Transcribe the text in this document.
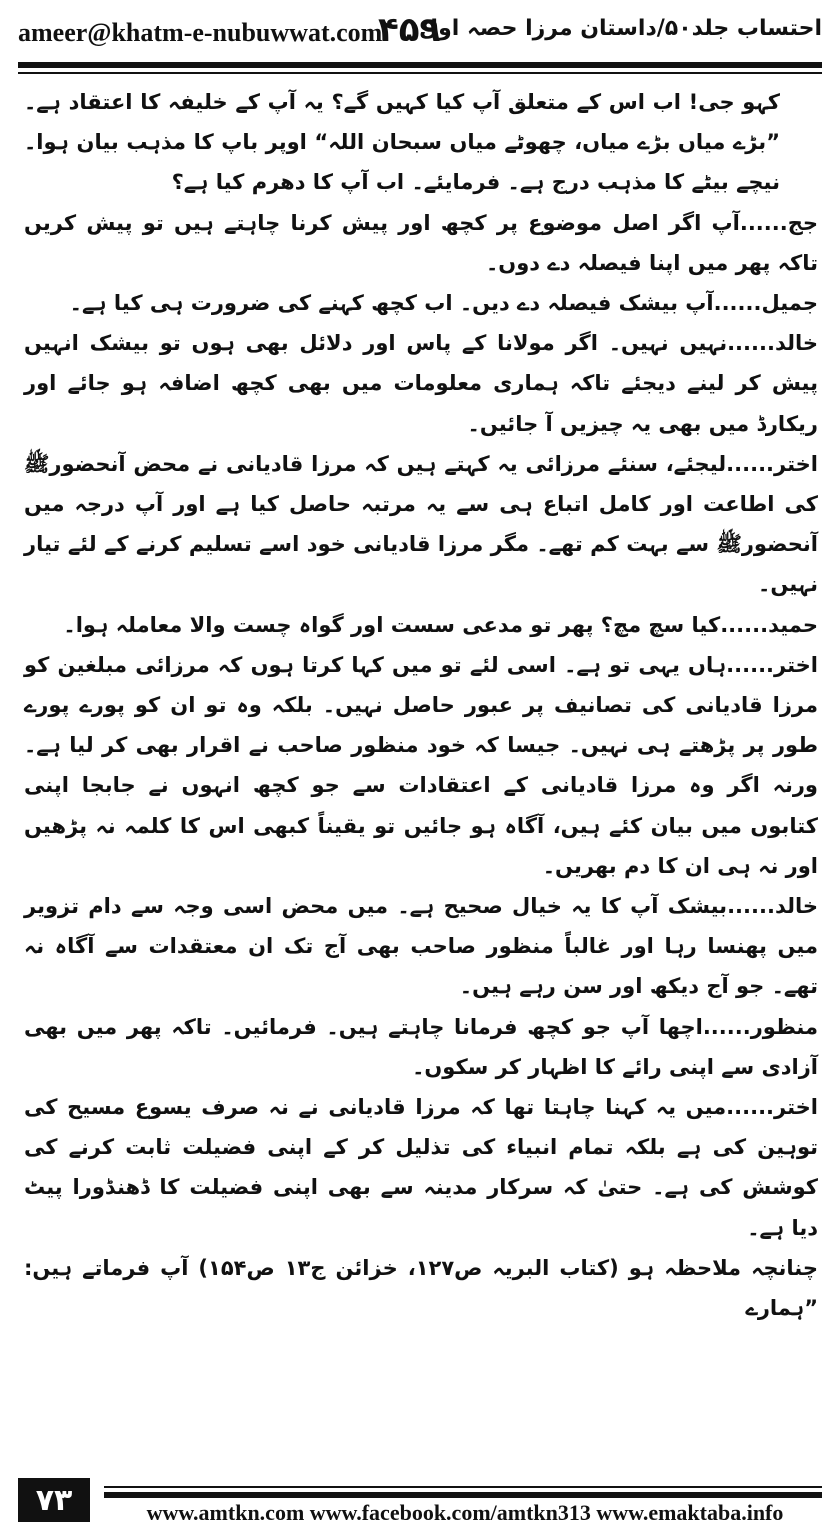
ameer@khatm-e-nubuwwat.com
۴۵۹
احتساب جلد۵۰/داستان مرزا حصہ اول

کہو جی! اب اس کے متعلق آپ کیا کہیں گے؟ یہ آپ کے خلیفہ کا اعتقاد ہے۔ ”بڑے میاں بڑے میاں، چھوٹے میاں سبحان اللہ“ اوپر باپ کا مذہب بیان ہوا۔ نیچے بیٹے کا مذہب درج ہے۔ فرمایئے۔ اب آپ کا دھرم کیا ہے؟

جج......آپ اگر اصل موضوع پر کچھ اور پیش کرنا چاہتے ہیں تو پیش کریں تاکہ پھر میں اپنا فیصلہ دے دوں۔

جمیل......آپ بیشک فیصلہ دے دیں۔ اب کچھ کہنے کی ضرورت ہی کیا ہے۔

خالد......نہیں نہیں۔ اگر مولانا کے پاس اور دلائل بھی ہوں تو بیشک انہیں پیش کر لینے دیجئے تاکہ ہماری معلومات میں بھی کچھ اضافہ ہو جائے اور ریکارڈ میں بھی یہ چیزیں آ جائیں۔

اختر......لیجئے، سنئے مرزائی یہ کہتے ہیں کہ مرزا قادیانی نے محض آنحضورﷺ کی اطاعت اور کامل اتباع ہی سے یہ مرتبہ حاصل کیا ہے اور آپ درجہ میں آنحضورﷺ سے بہت کم تھے۔ مگر مرزا قادیانی خود اسے تسلیم کرنے کے لئے تیار نہیں۔

حمید......کیا سچ مچ؟ پھر تو مدعی سست اور گواہ چست والا معاملہ ہوا۔

اختر......ہاں یہی تو ہے۔ اسی لئے تو میں کہا کرتا ہوں کہ مرزائی مبلغین کو مرزا قادیانی کی تصانیف پر عبور حاصل نہیں۔ بلکہ وہ تو ان کو پورے پورے طور پر پڑھتے ہی نہیں۔ جیسا کہ خود منظور صاحب نے اقرار بھی کر لیا ہے۔ ورنہ اگر وہ مرزا قادیانی کے اعتقادات سے جو کچھ انہوں نے جابجا اپنی کتابوں میں بیان کئے ہیں، آگاہ ہو جائیں تو یقیناً کبھی اس کا کلمہ نہ پڑھیں اور نہ ہی ان کا دم بھریں۔

خالد......بیشک آپ کا یہ خیال صحیح ہے۔ میں محض اسی وجہ سے دام تزویر میں پھنسا رہا اور غالباً منظور صاحب بھی آج تک ان معتقدات سے آگاہ نہ تھے۔ جو آج دیکھ اور سن رہے ہیں۔

منظور......اچھا آپ جو کچھ فرمانا چاہتے ہیں۔ فرمائیں۔ تاکہ پھر میں بھی آزادی سے اپنی رائے کا اظہار کر سکوں۔

اختر......میں یہ کہنا چاہتا تھا کہ مرزا قادیانی نے نہ صرف یسوع مسیح کی توہین کی ہے بلکہ تمام انبیاء کی تذلیل کر کے اپنی فضیلت ثابت کرنے کی کوشش کی ہے۔ حتیٰ کہ سرکار مدینہ سے بھی اپنی فضیلت کا ڈھنڈورا پیٹ دیا ہے۔

چنانچہ ملاحظہ ہو (کتاب البریہ ص۱۲۷، خزائن ج۱۳ ص۱۵۴) آپ فرماتے ہیں: ”ہمارے

۷۳	www.amtkn.com www.facebook.com/amtkn313 www.emaktaba.info
